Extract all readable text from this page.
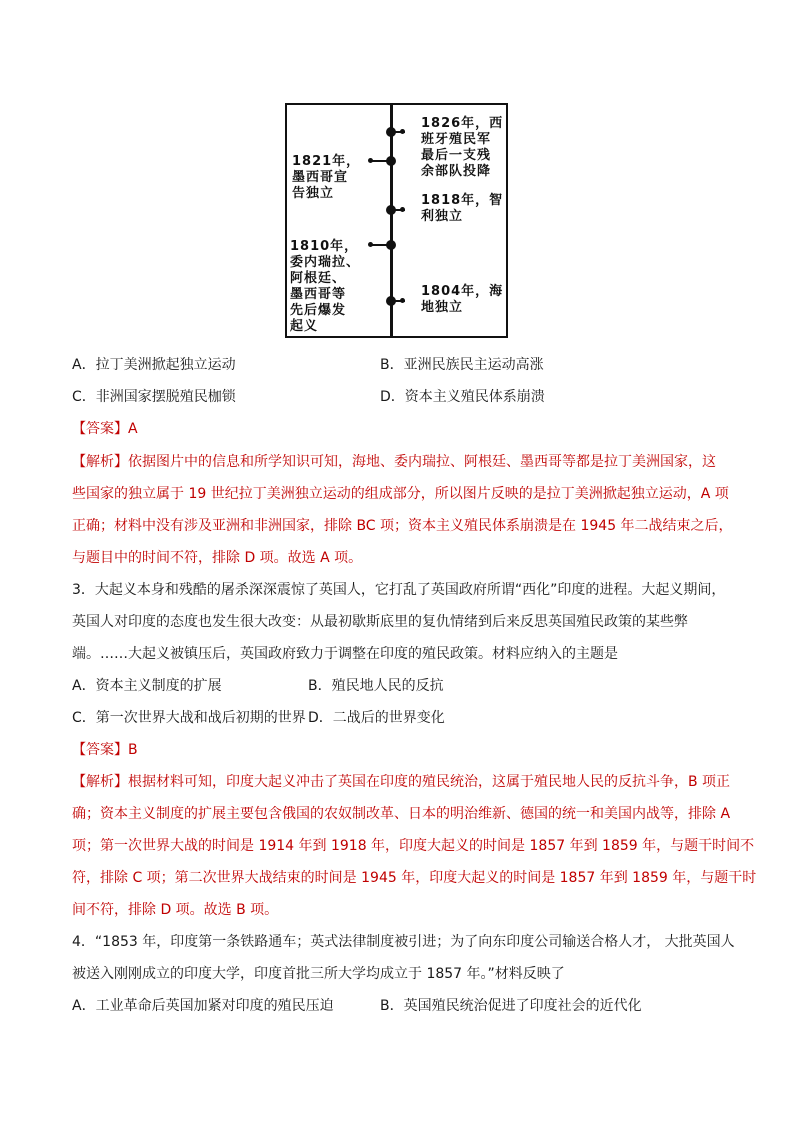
1826年，西
班牙殖民军
最后一支残
余部队投降
1821年，
墨西哥宣
告独立	1818年，智
利独立
1810年，
委内瑞拉、
阿根廷、
墨西哥等
先后爆发
起义
1804年，海
地独立
A．拉丁美洲掀起独立运动	B．亚洲民族民主运动高涨
C．非洲国家摆脱殖民枷锁	D．资本主义殖民体系崩溃
【答案】A
【解析】依据图片中的信息和所学知识可知，海地、委内瑞拉、阿根廷、墨西哥等都是拉丁美洲国家，这
些国家的独立属于 19 世纪拉丁美洲独立运动的组成部分，所以图片反映的是拉丁美洲掀起独立运动，A 项
正确；材料中没有涉及亚洲和非洲国家，排除 BC 项；资本主义殖民体系崩溃是在 1945 年二战结束之后，
与题目中的时间不符，排除 D 项。故选 A 项。
3．大起义本身和残酷的屠杀深深震惊了英国人，它打乱了英国政府所谓“西化”印度的进程。大起义期间，
英国人对印度的态度也发生很大改变：从最初歇斯底里的复仇情绪到后来反思英国殖民政策的某些弊
端。……大起义被镇压后，英国政府致力于调整在印度的殖民政策。材料应纳入的主题是
A．资本主义制度的扩展	B．殖民地人民的反抗
C．第一次世界大战和战后初期的世界 D．二战后的世界变化
【答案】B
【解析】根据材料可知，印度大起义冲击了英国在印度的殖民统治，这属于殖民地人民的反抗斗争，B 项正
确；资本主义制度的扩展主要包含俄国的农奴制改革、日本的明治维新、德国的统一和美国内战等，排除 A
项；第一次世界大战的时间是 1914 年到 1918 年，印度大起义的时间是 1857 年到 1859 年，与题干时间不
符，排除 C 项；第二次世界大战结束的时间是 1945 年，印度大起义的时间是 1857 年到 1859 年，与题干时
间不符，排除 D 项。故选 B 项。
4．“1853 年，印度第一条铁路通车；英式法律制度被引进；为了向东印度公司输送合格人才， 大批英国人
被送入刚刚成立的印度大学，印度首批三所大学均成立于 1857 年。”材料反映了
A．工业革命后英国加紧对印度的殖民压迫	B．英国殖民统治促进了印度社会的近代化
